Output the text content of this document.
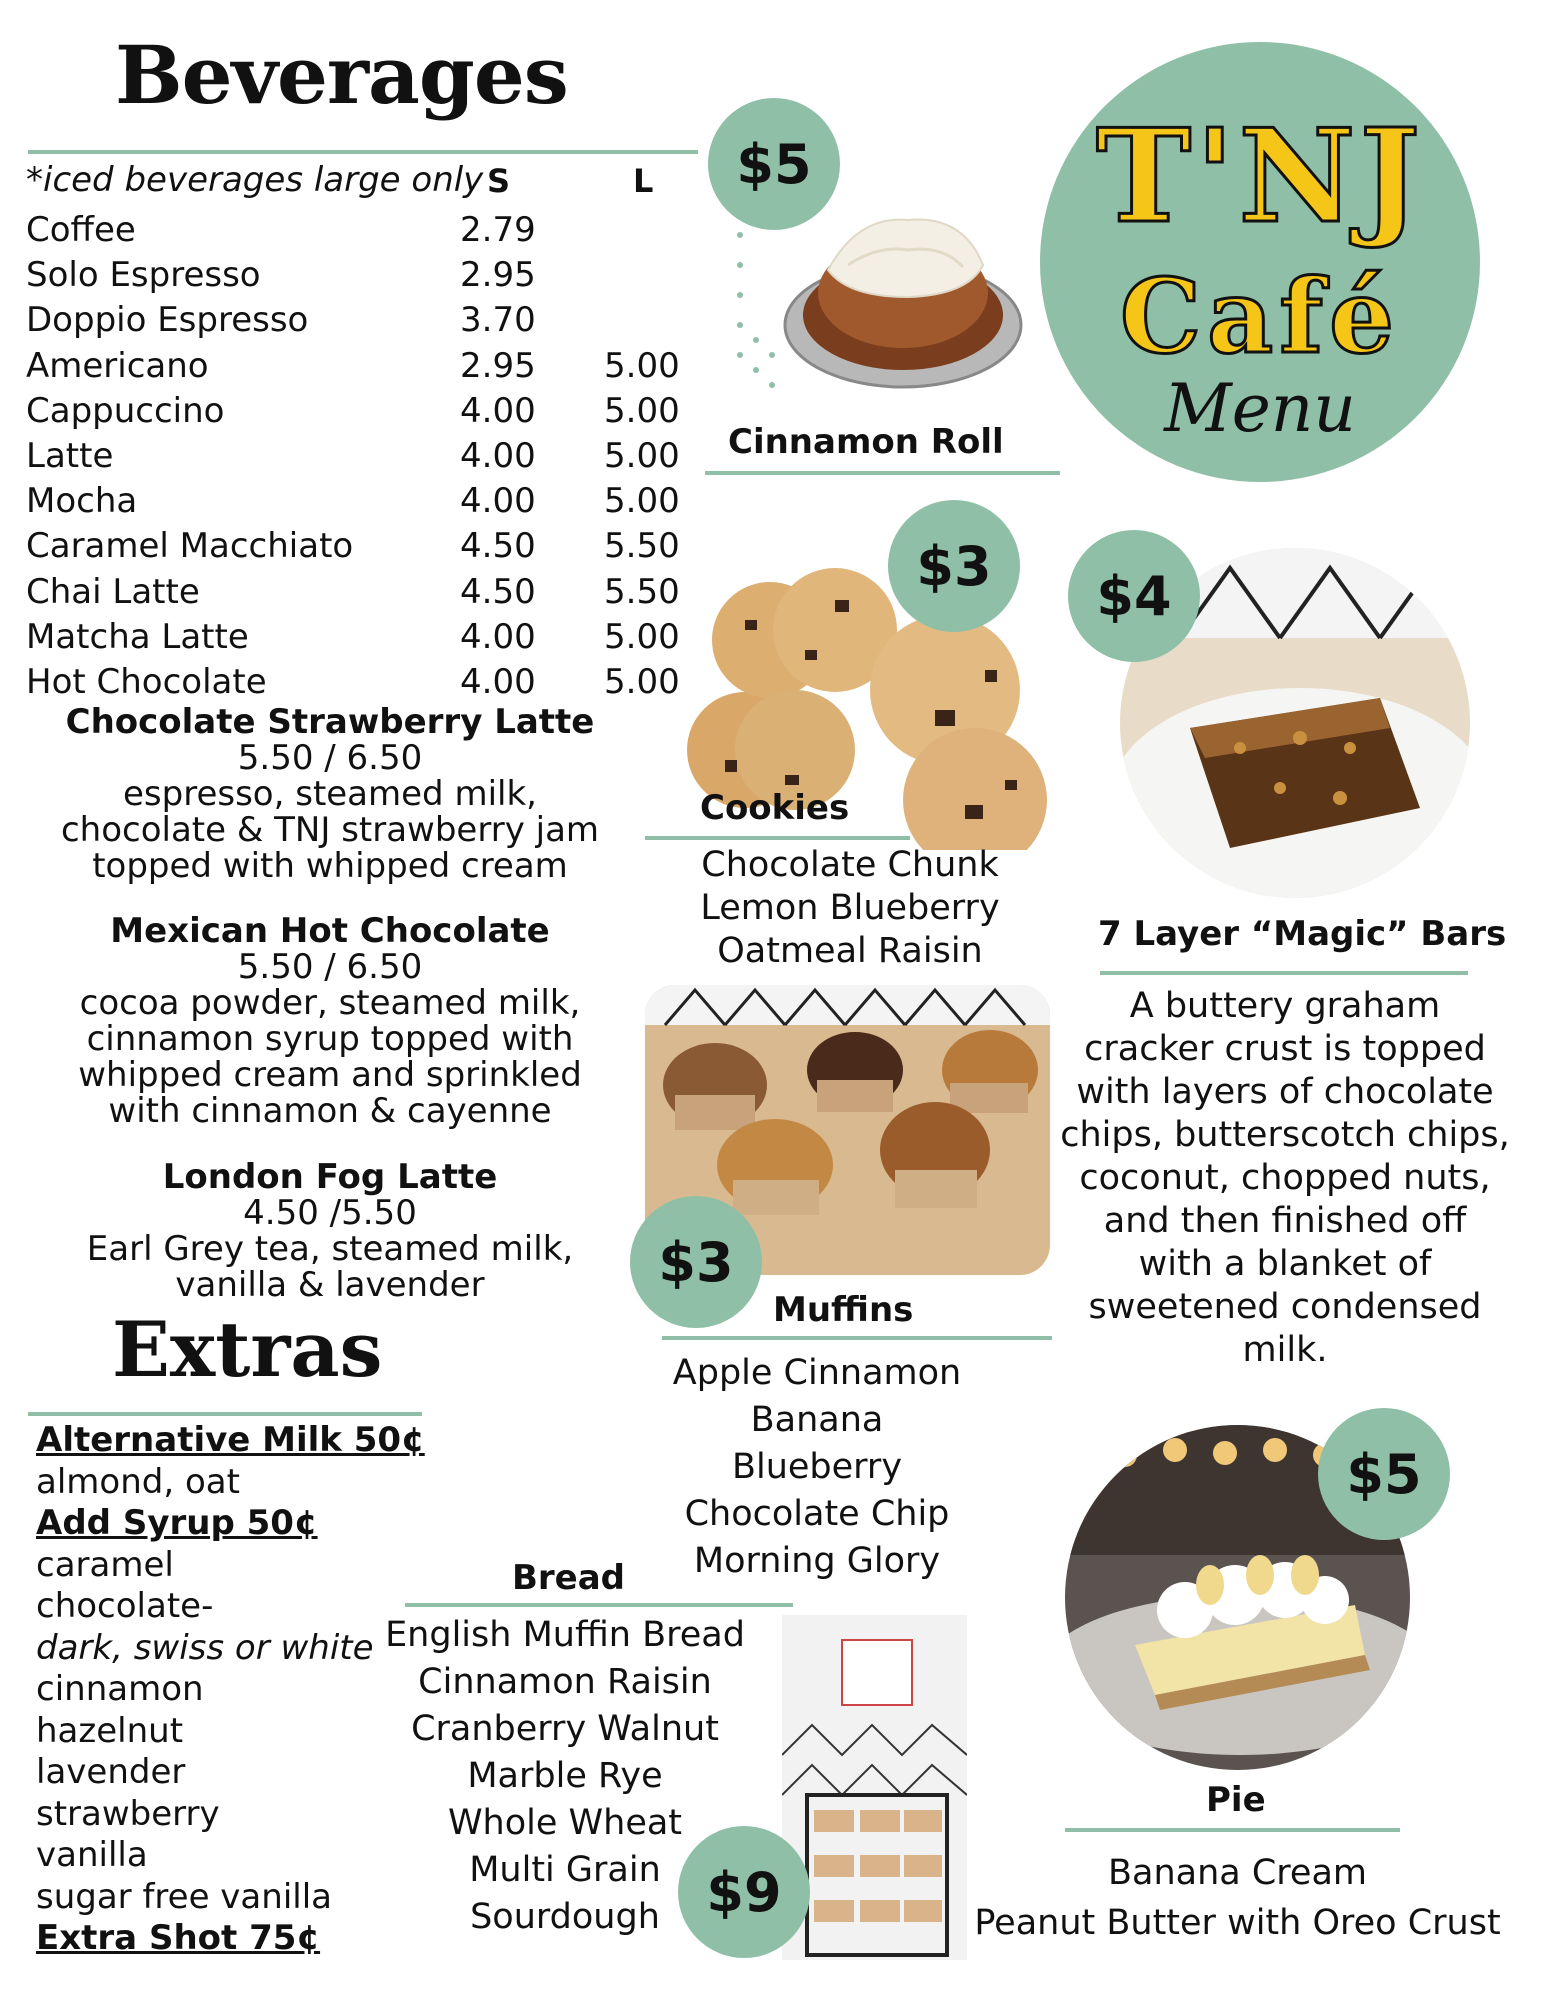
Beverages
*iced beverages large only S	L
Coffee	2.79
Solo Espresso	2.95
Doppio Espresso	3.70
Americano	2.95 5.00
Cappuccino	4.00 5.00
Latte	4.00 5.00
Mocha	4.00 5.00
Caramel Macchiato	4.50 5.50
Chai Latte	4.50 5.50
Matcha Latte	4.00 5.00
Hot Chocolate	4.00 5.00
Chocolate Strawberry Latte
5.50 / 6.50
espresso, steamed milk,
chocolate & TNJ strawberry jam
topped with whipped cream
Mexican Hot Chocolate
5.50 / 6.50
cocoa powder, steamed milk,
cinnamon syrup topped with
whipped cream and sprinkled
with cinnamon & cayenne
London Fog Latte
4.50 /5.50
Earl Grey tea, steamed milk,
vanilla & lavender
Extras
Alternative Milk 50¢
almond, oat
Add Syrup 50¢
caramel
chocolate-
dark, swiss or white
cinnamon
hazelnut
lavender
strawberry
vanilla
sugar free vanilla
Extra Shot 75¢
T'NJ
Café
Menu
$5
Cinnamon Roll
$3
Cookies
Chocolate Chunk
Lemon Blueberry
Oatmeal Raisin
$4
7 Layer “Magic” Bars
A buttery graham
cracker crust is topped
with layers of chocolate
chips, butterscotch chips,
coconut, chopped nuts,
and then finished off
with a blanket of
sweetened condensed
milk.
$3
Muffins
Apple Cinnamon
Banana
Blueberry
Chocolate Chip
Morning Glory
Bread
English Muffin Bread
Cinnamon Raisin
Cranberry Walnut
Marble Rye
Whole Wheat
Multi Grain
Sourdough $9
$5
Pie
Banana Cream
Peanut Butter with Oreo Crust
